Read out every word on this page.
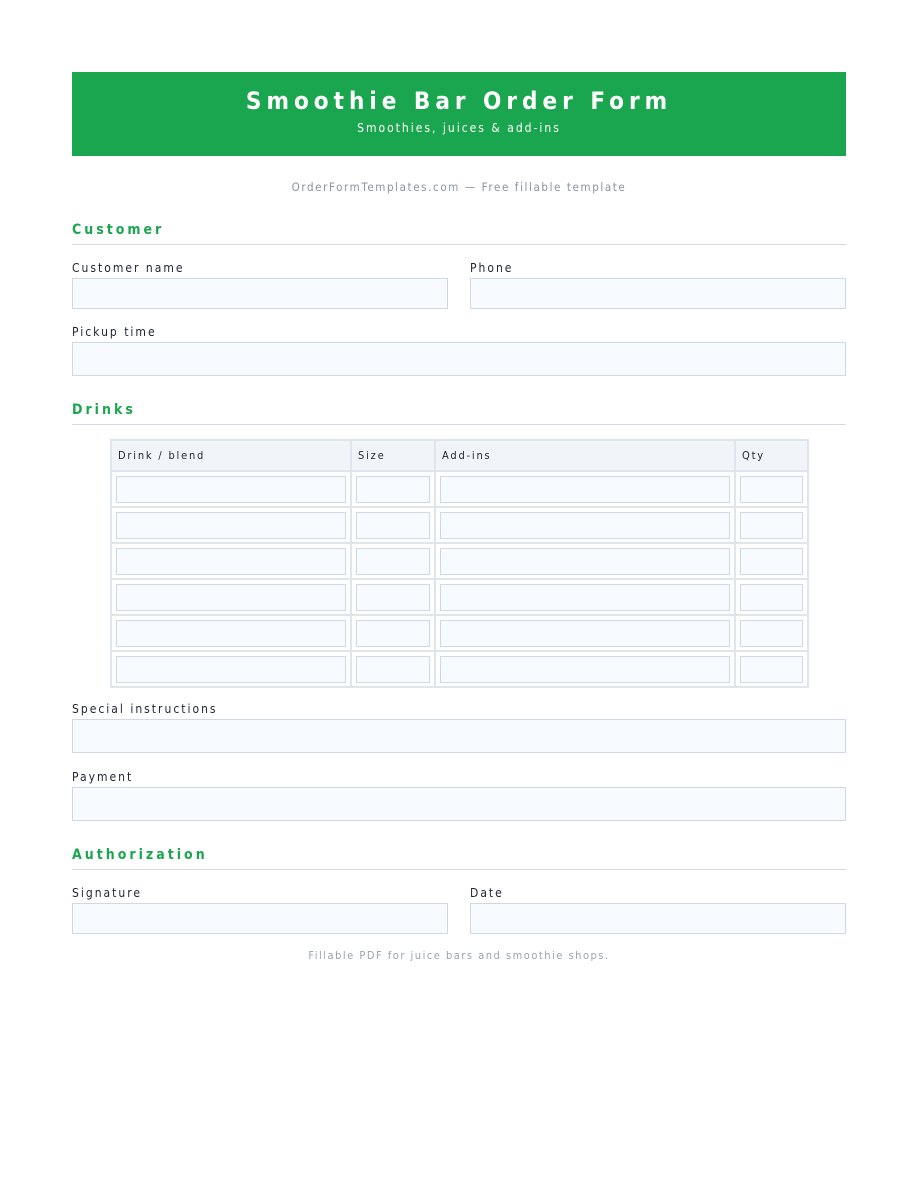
Smoothie Bar Order Form
Smoothies, juices & add-ins
OrderFormTemplates.com — Free fillable template
Customer
Customer name	Phone
Pickup time
Drinks
Drink / blend	Size	Add-ins	Qty

Special instructions
Payment
Authorization
Signature	Date
Fillable PDF for juice bars and smoothie shops.
